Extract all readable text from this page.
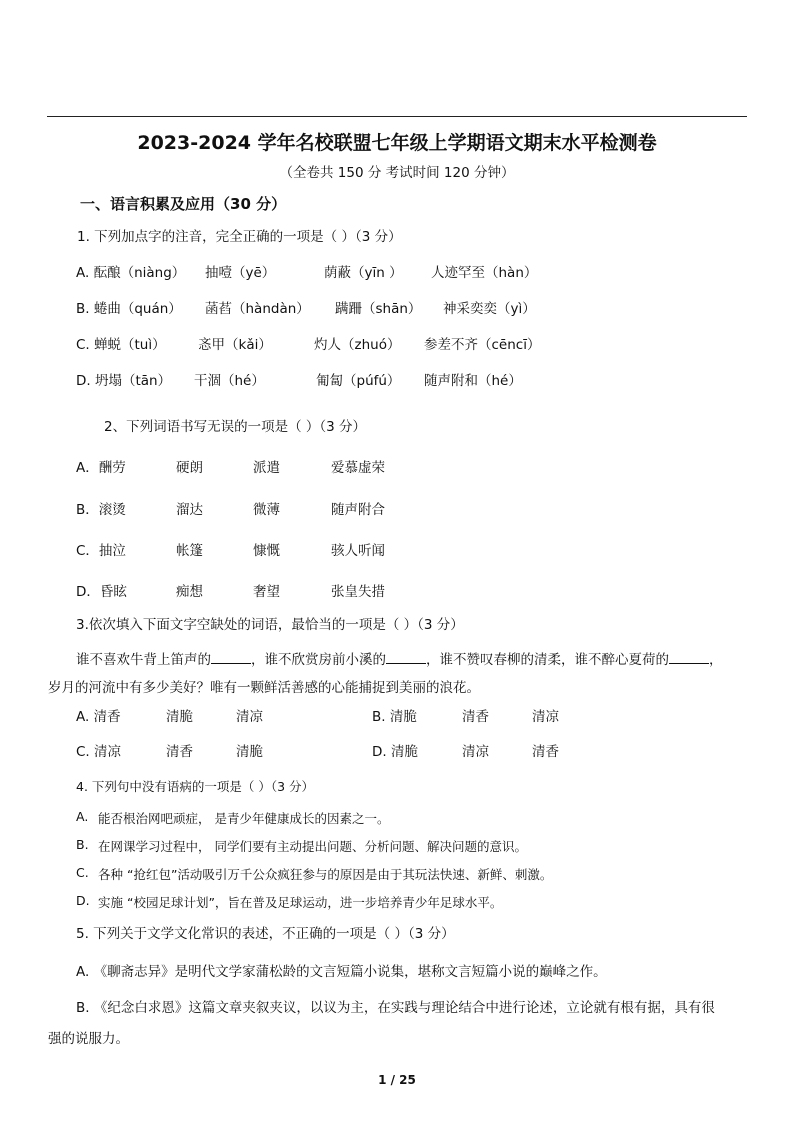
2023-2024 学年名校联盟七年级上学期语文期末水平检测卷
（全卷共 150 分 考试时间 120 分钟）
一、语言积累及应用（30 分）
1. 下列加点字的注音，完全正确的一项是（ ）（3 分）
A. 酝酿（niàng） 抽噎（yē）	荫蔽（yīn ） 人迹罕至（hàn）
B. 蜷曲（quán） 菡萏（hàndàn） 蹒跚（shān） 神采奕奕（yì）
C. 蝉蜕（tuì） 忞甲（kǎi）	灼人（zhuó） 参差不齐（cēncī）
D. 坍塌（tān） 干涸（hé）	匍匐（púfú） 随声附和（hé）
2、下列词语书写无误的一项是（ ）（3 分）
A．酬劳	硬朗	派遣	爱慕虚荣
B．滚烫	溜达	微薄	随声附合
C．抽泣	帐篷	慷慨	骇人听闻
D．昏眩	痴想	奢望	张皇失措
3.依次填入下面文字空缺处的词语，最恰当的一项是（ ）（3 分）
谁不喜欢牛背上笛声的	，谁不欣赏房前小溪的	，谁不赞叹春柳的清柔，谁不醉心夏荷的	，
岁月的河流中有多少美好？唯有一颗鲜活善感的心能捕捉到美丽的浪花。
A. 清香	清脆	清凉	B. 清脆	清香	清凉
C. 清凉	清香	清脆	D. 清脆	清凉	清香
4. 下列句中没有语病的一项是（ ）（3 分）
A. 能否根治网吧顽症， 是青少年健康成长的因素之一。
B. 在网课学习过程中， 同学们要有主动提出问题、分析问题、解决问题的意识。
C. 各种 “抢红包”活动吸引万千公众疯狂参与的原因是由于其玩法快速、新鲜、刺激。
D. 实施 “校园足球计划”，旨在普及足球运动，进一步培养青少年足球水平。
5. 下列关于文学文化常识的表述，不正确的一项是（ ）（3 分）
A. 《聊斋志异》是明代文学家蒲松龄的文言短篇小说集，堪称文言短篇小说的巅峰之作。
B. 《纪念白求恩》这篇文章夹叙夹议，以议为主，在实践与理论结合中进行论述，立论就有根有据，具有很
强的说服力。
1 / 25
